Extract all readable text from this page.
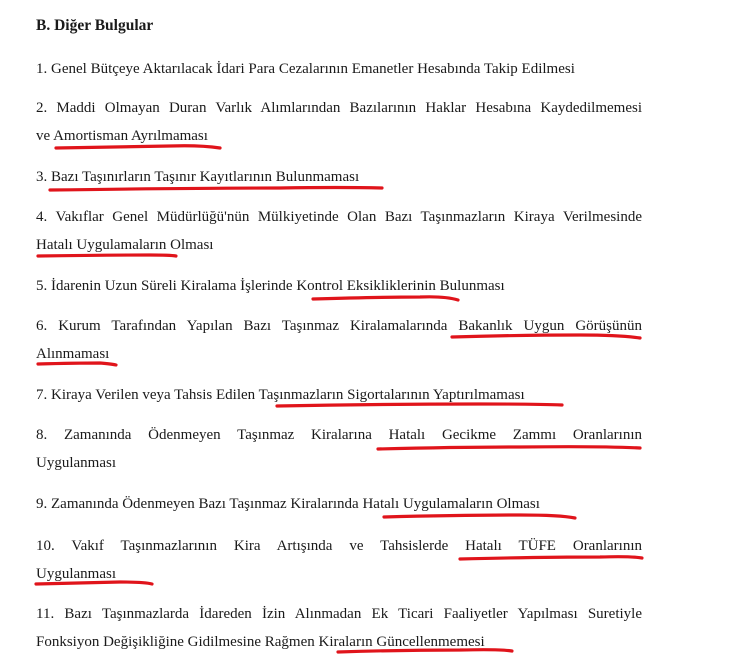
B. Diğer Bulgular

1. Genel Bütçeye Aktarılacak İdari Para Cezalarının Emanetler Hesabında Takip Edilmesi

2. Maddi Olmayan Duran Varlık Alımlarından Bazılarının Haklar Hesabına Kaydedilmemesi
ve Amortisman Ayrılmaması

3. Bazı Taşınırların Taşınır Kayıtlarının Bulunmaması

4. Vakıflar Genel Müdürlüğü'nün Mülkiyetinde Olan Bazı Taşınmazların Kiraya Verilmesinde
Hatalı Uygulamaların Olması

5. İdarenin Uzun Süreli Kiralama İşlerinde Kontrol Eksikliklerinin Bulunması

6. Kurum Tarafından Yapılan Bazı Taşınmaz Kiralamalarında Bakanlık Uygun Görüşünün
Alınmaması

7. Kiraya Verilen veya Tahsis Edilen Taşınmazların Sigortalarının Yaptırılmaması

8. Zamanında Ödenmeyen Taşınmaz Kiralarına Hatalı Gecikme Zammı Oranlarının
Uygulanması

9. Zamanında Ödenmeyen Bazı Taşınmaz Kiralarında Hatalı Uygulamaların Olması

10. Vakıf Taşınmazlarının Kira Artışında ve Tahsislerde Hatalı TÜFE Oranlarının
Uygulanması

11. Bazı Taşınmazlarda İdareden İzin Alınmadan Ek Ticari Faaliyetler Yapılması Suretiyle
Fonksiyon Değişikliğine Gidilmesine Rağmen Kiraların Güncellenmemesi
